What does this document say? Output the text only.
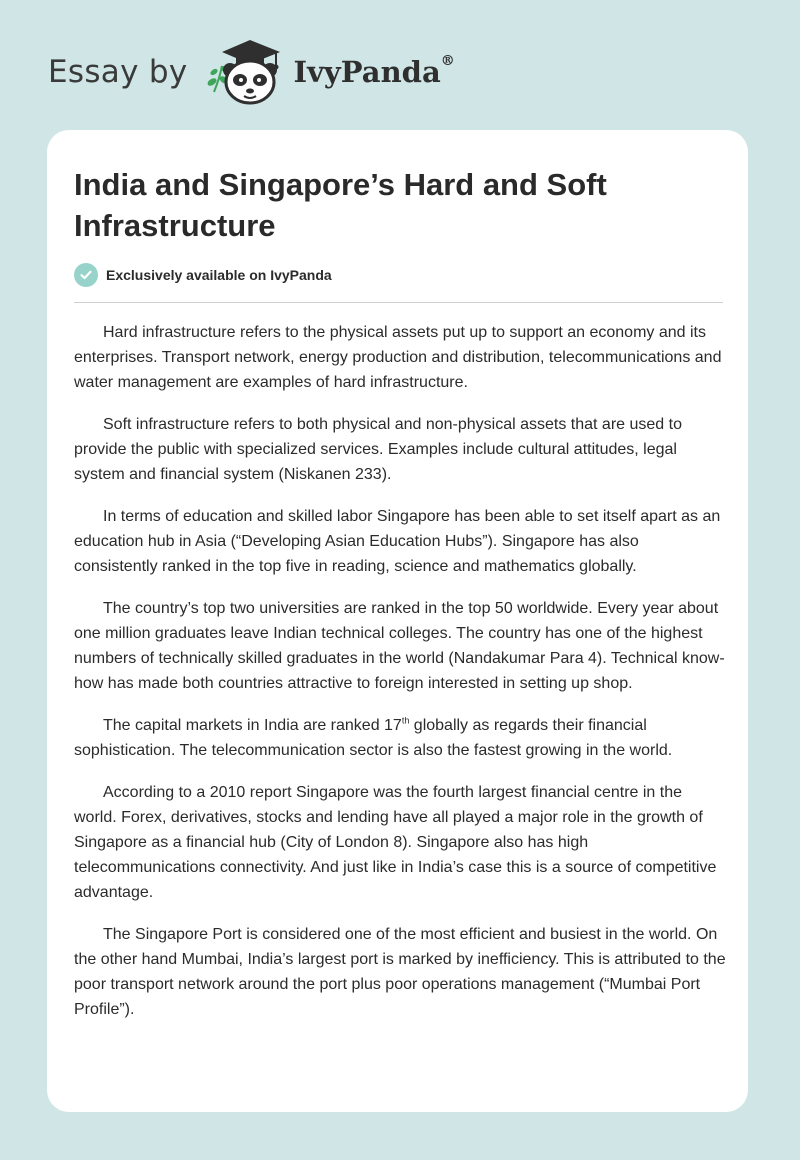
Essay by	IvyPanda®
India and Singapore’s Hard and Soft Infrastructure
Exclusively available on IvyPanda

Hard infrastructure refers to the physical assets put up to support an economy and its enterprises. Transport network, energy production and distribution, telecommunications and water management are examples of hard infrastructure.

Soft infrastructure refers to both physical and non-physical assets that are used to provide the public with specialized services. Examples include cultural attitudes, legal system and financial system (Niskanen 233).

In terms of education and skilled labor Singapore has been able to set itself apart as an education hub in Asia (“Developing Asian Education Hubs”). Singapore has also consistently ranked in the top five in reading, science and mathematics globally.

The country’s top two universities are ranked in the top 50 worldwide. Every year about one million graduates leave Indian technical colleges. The country has one of the highest numbers of technically skilled graduates in the world (Nandakumar Para 4). Technical know-how has made both countries attractive to foreign interested in setting up shop.

The capital markets in India are ranked 17th globally as regards their financial sophistication. The telecommunication sector is also the fastest growing in the world.

According to a 2010 report Singapore was the fourth largest financial centre in the world. Forex, derivatives, stocks and lending have all played a major role in the growth of Singapore as a financial hub (City of London 8). Singapore also has high telecommunications connectivity. And just like in India’s case this is a source of competitive advantage.

The Singapore Port is considered one of the most efficient and busiest in the world. On the other hand Mumbai, India’s largest port is marked by inefficiency. This is attributed to the poor transport network around the port plus poor operations management (“Mumbai Port Profile”).
